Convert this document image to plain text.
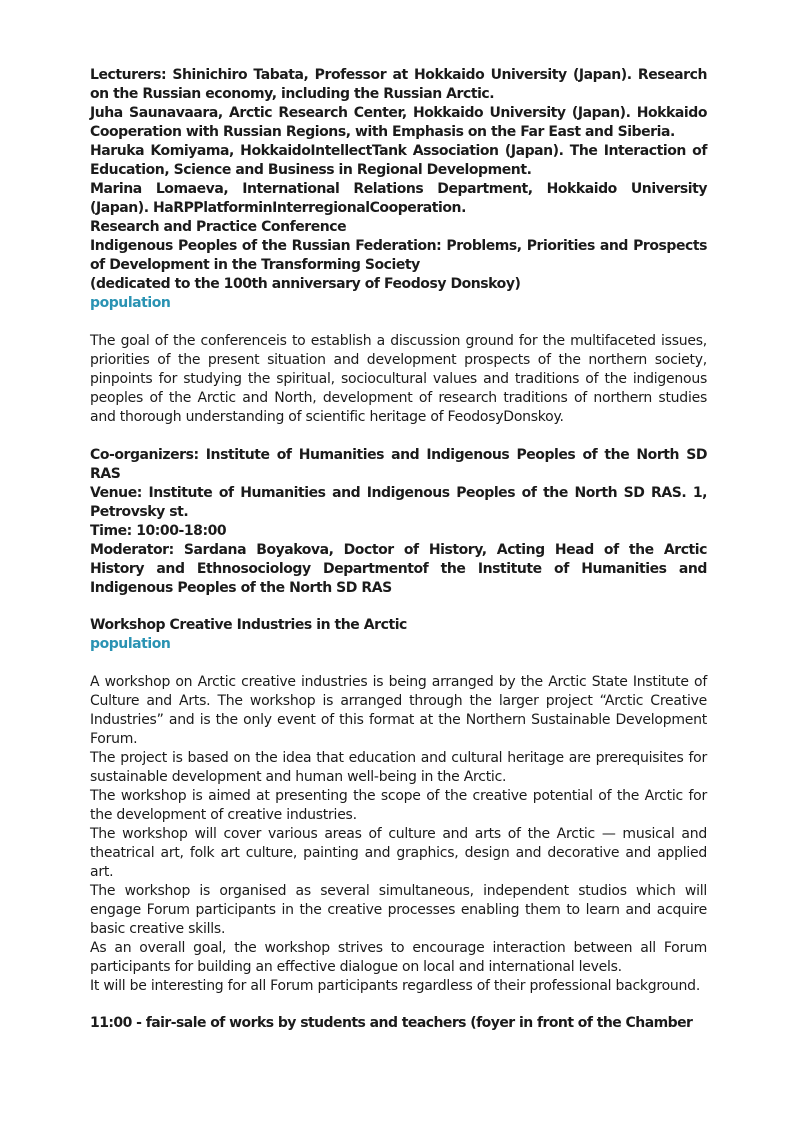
Lecturers: Shinichiro Tabata, Professor at Hokkaido University (Japan). Research on the Russian economy, including the Russian Arctic.

Juha Saunavaara, Arctic Research Center, Hokkaido University (Japan). Hokkaido Cooperation with Russian Regions, with Emphasis on the Far East and Siberia.

Haruka Komiyama, HokkaidoIntellectTank Association (Japan). The Interaction of Education, Science and Business in Regional Development.

Marina Lomaeva, International Relations Department, Hokkaido University (Japan). HaRPPlatforminInterregionalCooperation.

Research and Practice Conference

Indigenous Peoples of the Russian Federation: Problems, Priorities and Prospects of Development in the Transforming Society

(dedicated to the 100th anniversary of Feodosy Donskoy)

population

The goal of the conferenceis to establish a discussion ground for the multifaceted issues, priorities of the present situation and development prospects of the northern society, pinpoints for studying the spiritual, sociocultural values and traditions of the indigenous peoples of the Arctic and North, development of research traditions of northern studies and thorough understanding of scientific heritage of FeodosyDonskoy.

Co-organizers: Institute of Humanities and Indigenous Peoples of the North SD RAS

Venue: Institute of Humanities and Indigenous Peoples of the North SD RAS. 1, Petrovsky st.

Time: 10:00-18:00

Moderator: Sardana Boyakova, Doctor of History, Acting Head of the Arctic History and Ethnosociology Departmentof the Institute of Humanities and Indigenous Peoples of the North SD RAS

Workshop Creative Industries in the Arctic

population

A workshop on Arctic creative industries is being arranged by the Arctic State Institute of Culture and Arts. The workshop is arranged through the larger project “Arctic Creative Industries” and is the only event of this format at the Northern Sustainable Development Forum.

The project is based on the idea that education and cultural heritage are prerequisites for sustainable development and human well-being in the Arctic.

The workshop is aimed at presenting the scope of the creative potential of the Arctic for the development of creative industries.

The workshop will cover various areas of culture and arts of the Arctic — musical and theatrical art, folk art culture, painting and graphics, design and decorative and applied art.

The workshop is organised as several simultaneous, independent studios which will engage Forum participants in the creative processes enabling them to learn and acquire basic creative skills.

As an overall goal, the workshop strives to encourage interaction between all Forum participants for building an effective dialogue on local and international levels.

It will be interesting for all Forum participants regardless of their professional background.

11:00 - fair-sale of works by students and teachers (foyer in front of the Chamber
